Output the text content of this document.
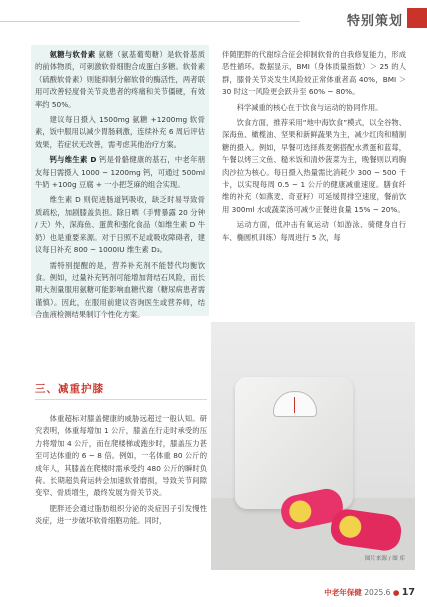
特别策划

氨糖与软骨素 氨糖（氨基葡萄糖）是软骨基质的前体物质，可刺激软骨细胞合成蛋白多糖。软骨素（硫酸软骨素）则能抑制分解软骨的酶活性，两者联用可改善轻度骨关节炎患者的疼痛和关节僵硬，有效率约 50%。

建议每日摄入 1500mg 氨糖 +1200mg 软骨素，饭中服用以减少胃肠刺激，连续补充 6 周后评估效果，若症状无改善，需考虑其他治疗方案。

钙与维生素 D 钙是骨骼健康的基石，中老年朋友每日需摄入 1000 ~ 1200mg 钙，可通过 500ml 牛奶 +100g 豆腐 + 一小把芝麻的组合实现。

维生素 D 则促进肠道钙吸收，缺乏时易导致骨质疏松，加剧膝盖负担。除日晒（手臂暴露 20 分钟 / 天）外，深海鱼、蛋黄和强化食品（如维生素 D 牛奶）也是重要来源。对于日照不足或吸收障碍者，建议每日补充 800 ~ 1000IU 维生素 D₃。

需特别提醒的是，营养补充剂不能替代均衡饮食。例如，过量补充钙剂可能增加肾结石风险，而长期大剂量服用氨糖可能影响血糖代谢（糖尿病患者需谨慎）。因此，在服用前建议咨询医生或营养师，结合血液检测结果制订个性化方案。

伴随肥胖的代谢综合征会抑制软骨的自我修复能力，形成恶性循环。数据显示，BMI（身体质量指数）＞ 25 的人群，膝骨关节炎发生风险较正常体重者高 40%，BMI ＞ 30 时这一风险更会跃升至 60% ~ 80%。

科学减重的核心在于饮食与运动的协同作用。

饮食方面，推荐采用“地中海饮食”模式，以全谷物、深海鱼、橄榄油、坚果和新鲜蔬果为主，减少红肉和精制糖的摄入。例如，早餐可选择燕麦粥搭配水煮蛋和蓝莓，午餐以烤三文鱼、糙米饭和清炒菠菜为主，晚餐则以鸡胸肉沙拉为核心。每日摄入热量需比消耗少 300 ~ 500 千卡，以实现每周 0.5 ~ 1 公斤的健康减重速度。膳食纤维的补充（如燕麦、奇亚籽）可延缓胃排空速度，餐前饮用 300ml 水或蔬菜汤可减少正餐进食量 15% ~ 20%。

运动方面，低冲击有氧运动（如游泳、骑健身自行车、椭圆机训练）每周进行 5 次，每

三、减重护膝

体重超标对膝盖健康的威胁远超过一般认知。研究表明，体重每增加 1 公斤，膝盖在行走时承受的压力将增加 4 公斤，而在爬楼梯或跑步时，膝盖压力甚至可达体重的 6 ~ 8 倍。例如，一名体重 80 公斤的成年人，其膝盖在爬楼时需承受约 480 公斤的瞬时负荷。长期超负荷运转会加速软骨磨损，导致关节间隙变窄、骨质增生，最终发展为骨关节炎。

肥胖还会通过脂肪组织分泌的炎症因子引发慢性炎症，进一步破坏软骨细胞功能。同时，

图片来源 / 图 库
中老年保健 2025.6 ● 17
